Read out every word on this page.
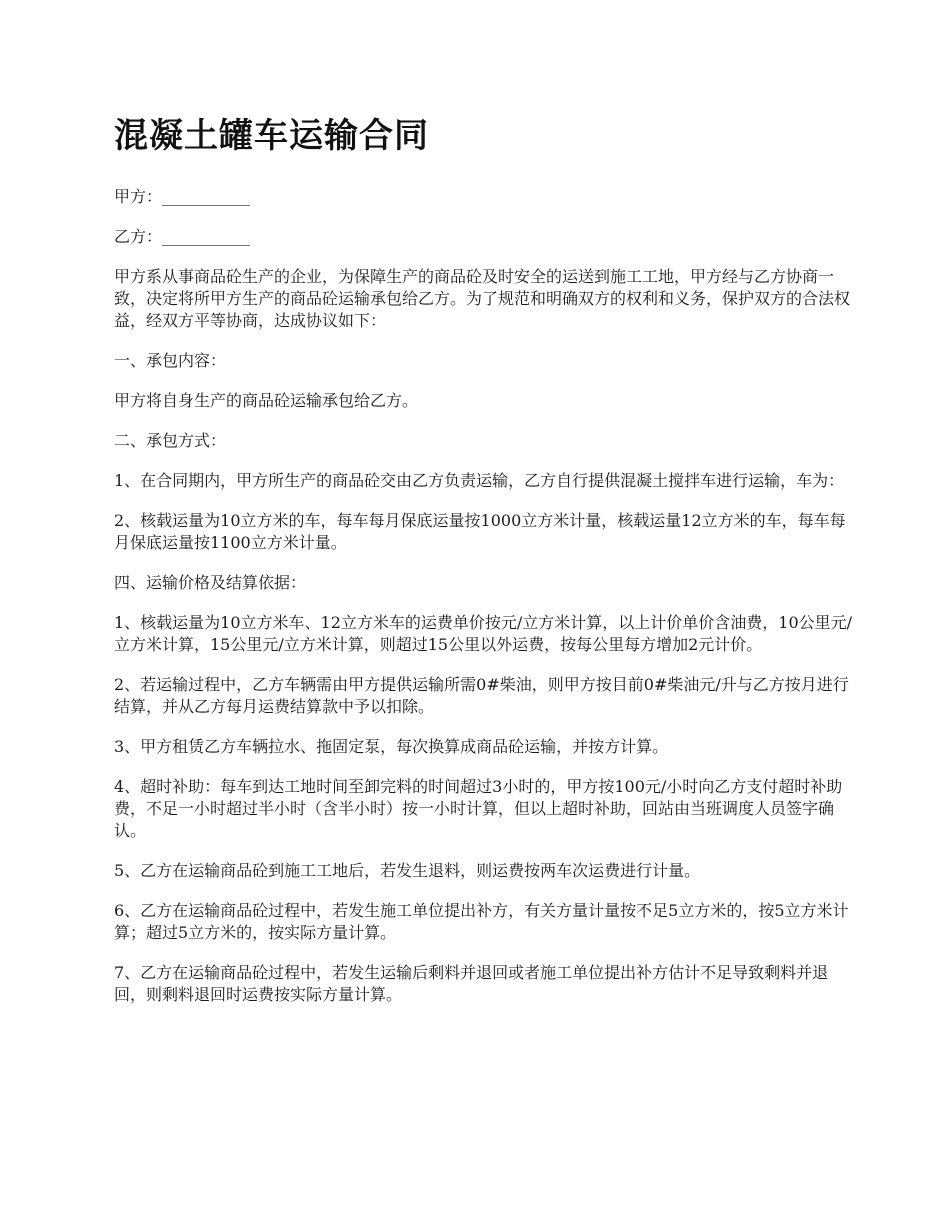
混凝土罐车运输合同

甲方：___________

乙方：___________

甲方系从事商品砼生产的企业，为保障生产的商品砼及时安全的运送到施工工地，甲方经与乙方协商一致，决定将所甲方生产的商品砼运输承包给乙方。为了规范和明确双方的权利和义务，保护双方的合法权益，经双方平等协商，达成协议如下：

一、承包内容：

甲方将自身生产的商品砼运输承包给乙方。

二、承包方式：

1、在合同期内，甲方所生产的商品砼交由乙方负责运输，乙方自行提供混凝土搅拌车进行运输，车为：

2、核载运量为10立方米的车，每车每月保底运量按1000立方米计量，核载运量12立方米的车，每车每月保底运量按1100立方米计量。

四、运输价格及结算依据：

1、核载运量为10立方米车、12立方米车的运费单价按元/立方米计算，以上计价单价含油费，10公里元/立方米计算，15公里元/立方米计算，则超过15公里以外运费，按每公里每方增加2元计价。

2、若运输过程中，乙方车辆需由甲方提供运输所需0#柴油，则甲方按目前0#柴油元/升与乙方按月进行结算，并从乙方每月运费结算款中予以扣除。

3、甲方租赁乙方车辆拉水、拖固定泵，每次换算成商品砼运输，并按方计算。

4、超时补助：每车到达工地时间至卸完料的时间超过3小时的，甲方按100元/小时向乙方支付超时补助费，不足一小时超过半小时（含半小时）按一小时计算，但以上超时补助，回站由当班调度人员签字确认。

5、乙方在运输商品砼到施工工地后，若发生退料，则运费按两车次运费进行计量。

6、乙方在运输商品砼过程中，若发生施工单位提出补方，有关方量计量按不足5立方米的，按5立方米计算；超过5立方米的，按实际方量计算。

7、乙方在运输商品砼过程中，若发生运输后剩料并退回或者施工单位提出补方估计不足导致剩料并退回，则剩料退回时运费按实际方量计算。
